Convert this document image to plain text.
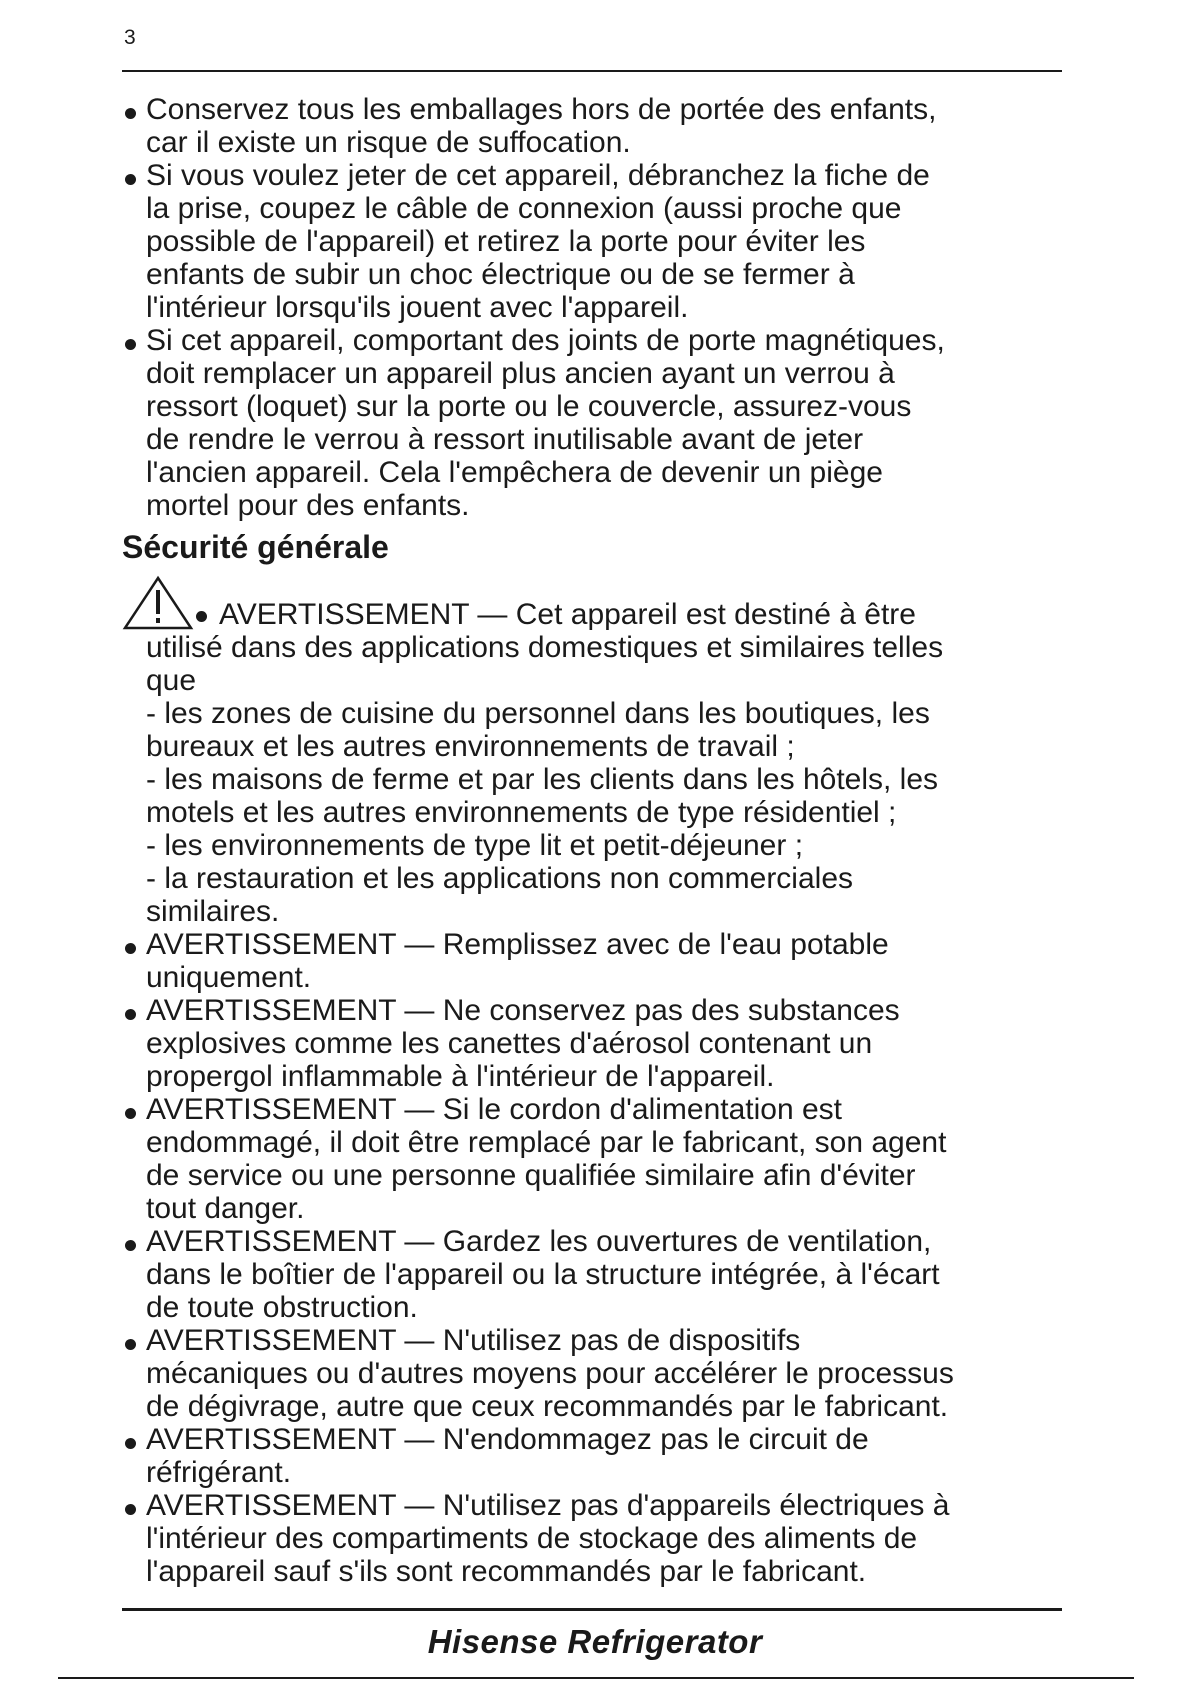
3
Conservez tous les emballages hors de portée des enfants,
car il existe un risque de suffocation.
Si vous voulez jeter de cet appareil, débranchez la fiche de
la prise, coupez le câble de connexion (aussi proche que
possible de l'appareil) et retirez la porte pour éviter les
enfants de subir un choc électrique ou de se fermer à
l'intérieur lorsqu'ils jouent avec l'appareil.
Si cet appareil, comportant des joints de porte magnétiques,
doit remplacer un appareil plus ancien ayant un verrou à
ressort (loquet) sur la porte ou le couvercle, assurez-vous
de rendre le verrou à ressort inutilisable avant de jeter
l'ancien appareil. Cela l'empêchera de devenir un piège
mortel pour des enfants.
Sécurité générale
AVERTISSEMENT — Cet appareil est destiné à être
utilisé dans des applications domestiques et similaires telles
que
- les zones de cuisine du personnel dans les boutiques, les
bureaux et les autres environnements de travail ;
- les maisons de ferme et par les clients dans les hôtels, les
motels et les autres environnements de type résidentiel ;
- les environnements de type lit et petit-déjeuner ;
- la restauration et les applications non commerciales
similaires.
AVERTISSEMENT — Remplissez avec de l'eau potable
uniquement.
AVERTISSEMENT — Ne conservez pas des substances
explosives comme les canettes d'aérosol contenant un
propergol inflammable à l'intérieur de l'appareil.
AVERTISSEMENT — Si le cordon d'alimentation est
endommagé, il doit être remplacé par le fabricant, son agent
de service ou une personne qualifiée similaire afin d'éviter
tout danger.
AVERTISSEMENT — Gardez les ouvertures de ventilation,
dans le boîtier de l'appareil ou la structure intégrée, à l'écart
de toute obstruction.
AVERTISSEMENT — N'utilisez pas de dispositifs
mécaniques ou d'autres moyens pour accélérer le processus
de dégivrage, autre que ceux recommandés par le fabricant.
AVERTISSEMENT — N'endommagez pas le circuit de
réfrigérant.
AVERTISSEMENT — N'utilisez pas d'appareils électriques à
l'intérieur des compartiments de stockage des aliments de
l'appareil sauf s'ils sont recommandés par le fabricant.
Hisense Refrigerator
